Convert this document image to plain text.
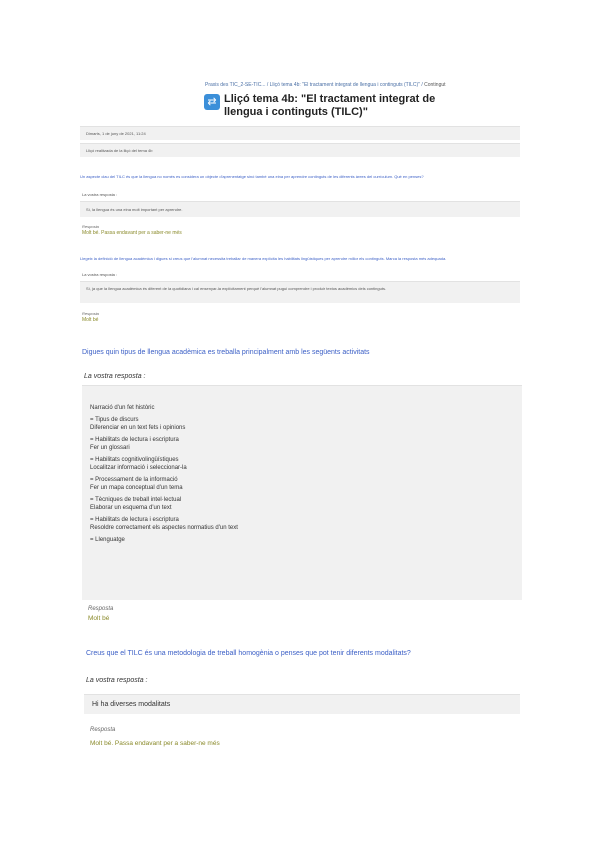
Praxis des TIC_2-SE-TIC... / Lliçó tema 4b: "El tractament integrat de llengua i continguts (TILC)" / Contingut
⇄ Lliçó tema 4b: "El tractament integrat de llengua i continguts (TILC)"
Dimarts, 1 de juny de 2021, 11:24
Lliçó realitzada de la lliçó del tema 4b
Un aspecte clau del TILC és que la llengua no només es considera un objecte d'aprenentatge sinó també una eina per aprendre continguts de les diferents àrees del currículum. Què en penses?
La vostra resposta :
Sí, la llengua és una eina molt important per aprendre.
Resposta
Molt bé. Passa endavant per a saber-ne més
Llegeix la definició de llengua acadèmica i digues si creus que l'alumnat necessita treballar de manera explícita les habilitats lingüístiques per aprendre millor els continguts. Marca la resposta més adequada.
La vostra resposta :
Sí, ja que la llengua acadèmica és diferent de la quotidiana i cal ensenyar-la explícitament perquè l'alumnat pugui comprendre i produir textos acadèmics dels continguts.
Resposta
Molt bé
Digues quin tipus de llengua acadèmica es treballa principalment amb les següents activitats
La vostra resposta :
Narració d'un fet històric

= Tipus de discurs
Diferenciar en un text fets i opinions

= Habilitats de lectura i escriptura
Fer un glossari

= Habilitats cognitivolingüístiques
Localitzar informació i seleccionar-la

= Processament de la informació
Fer un mapa conceptual d'un tema

= Tècniques de treball intel·lectual
Elaborar un esquema d'un text

= Habilitats de lectura i escriptura
Resoldre correctament els aspectes normatius d'un text

= Llenguatge
Resposta
Molt bé
Creus que el TILC és una metodologia de treball homogènia o penses que pot tenir diferents modalitats?
La vostra resposta :
Hi ha diverses modalitats
Resposta
Molt bé. Passa endavant per a saber-ne més
